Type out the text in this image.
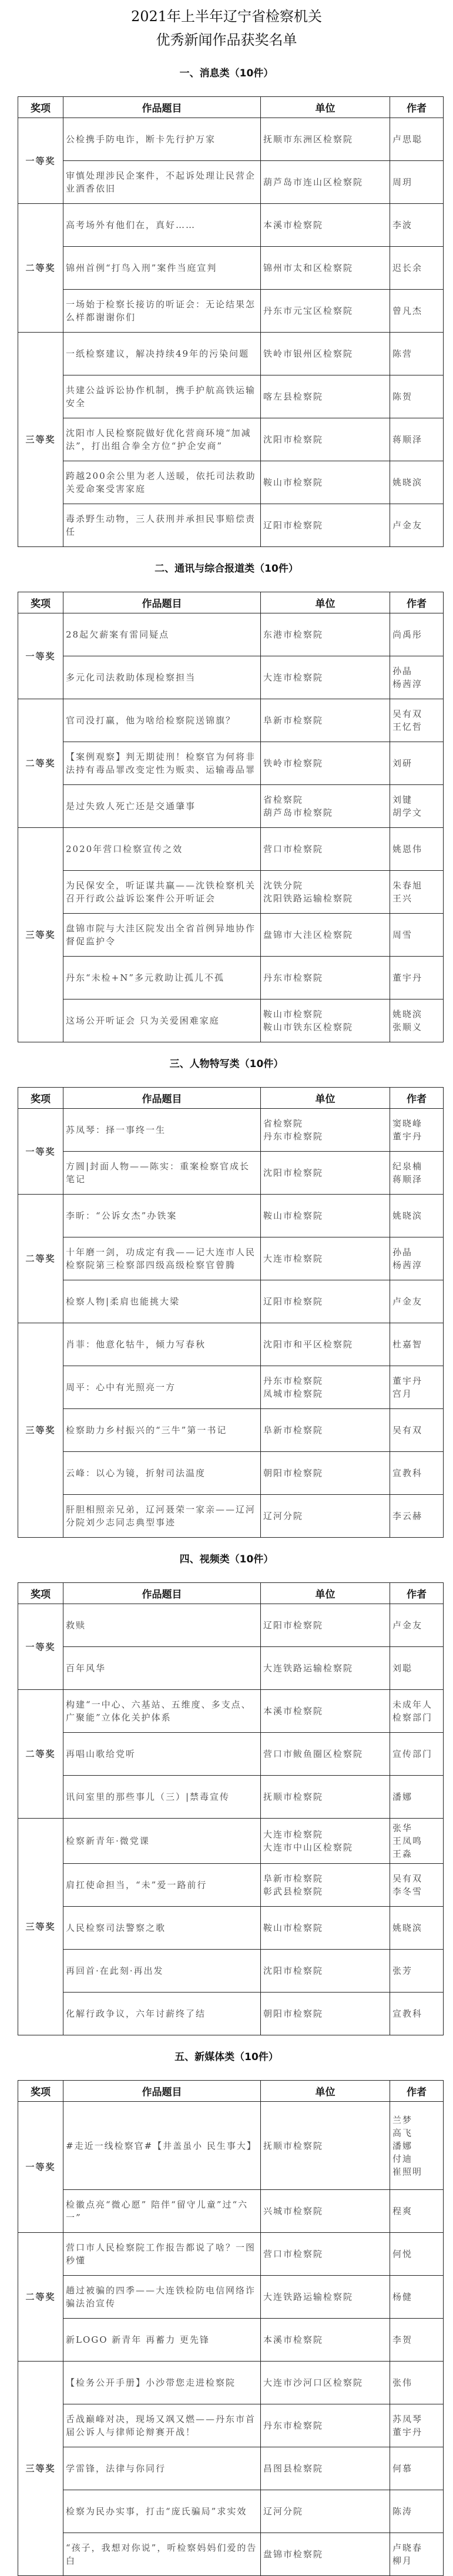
2021年上半年辽宁省检察机关
优秀新闻作品获奖名单
一、消息类（10件）
奖项	作品题目	单位	作者
一等奖	公检携手防电诈，断卡先行护万家	抚顺市东洲区检察院	卢思聪

	审慎处理涉民企案件，不起诉处理让民营企业酒香依旧	葫芦岛市连山区检察院	周玥

二等奖	高考场外有他们在，真好……	本溪市检察院	李波

	锦州首例“打鸟入刑”案件当庭宣判	锦州市太和区检察院	迟长余

	一场始于检察长接访的听证会：无论结果怎么样都谢谢你们	丹东市元宝区检察院	曾凡杰

三等奖	一纸检察建议，解决持续49年的污染问题	铁岭市银州区检察院	陈营

	共建公益诉讼协作机制，携手护航高铁运输安全	喀左县检察院	陈贺

	沈阳市人民检察院做好优化营商环境“加减法”，打出组合拳全方位“护企安商”	沈阳市检察院	蒋顺泽

	跨越200余公里为老人送暖，依托司法救助关爱命案受害家庭	鞍山市检察院	姚晓滨

	毒杀野生动物，三人获刑并承担民事赔偿责任	辽阳市检察院	卢金友
二、通讯与综合报道类（10件）
奖项	作品题目	单位	作者
一等奖	28起欠薪案有雷同疑点	东港市检察院	尚禹彤

	多元化司法救助体现检察担当	大连市检察院	孙晶
杨茜淳

二等奖	官司没打赢，他为啥给检察院送锦旗？	阜新市检察院	吴有双
王忆哲

	【案例观察】判无期徒刑！检察官为何将非法持有毒品罪改变定性为贩卖、运输毒品罪	铁岭市检察院	刘研

	是过失致人死亡还是交通肇事	省检察院
葫芦岛市检察院	刘键
胡学文

三等奖	2020年营口检察宣传之效	营口市检察院	姚恩伟

	为民保安全，听证谋共赢——沈铁检察机关召开行政公益诉讼案件公开听证会	沈铁分院
沈阳铁路运输检察院	朱春旭
王兴

	盘锦市院与大洼区院发出全省首例异地协作督促监护令	盘锦市大洼区检察院	周雪

	丹东“未检+N”多元救助让孤儿不孤	丹东市检察院	董宇丹

	这场公开听证会 只为关爱困难家庭	鞍山市检察院
鞍山市铁东区检察院	姚晓滨
张顺义
三、人物特写类（10件）
奖项	作品题目	单位	作者
一等奖	苏凤琴：择一事终一生	省检察院
丹东市检察院	窦晓峰
董宇丹

	方圆|封面人物——陈实：重案检察官成长笔记	沈阳市检察院	纪泉楠
蒋顺泽

二等奖	李昕：“公诉女杰”办铁案	鞍山市检察院	姚晓滨

	十年磨一剑，功成定有我——记大连市人民检察院第三检察部四级高级检察官曾腾	大连市检察院	孙晶
杨茜淳

	检察人物|柔肩也能挑大梁	辽阳市检察院	卢金友

三等奖	肖菲：他意化牯牛，倾力写春秋	沈阳市和平区检察院	杜嘉智

	周平：心中有光照亮一方	丹东市检察院
凤城市检察院	董宇丹
宫月

	检察助力乡村振兴的“三牛”第一书记	阜新市检察院	吴有双

	云峰：以心为镜，折射司法温度	朝阳市检察院	宣教科

	肝胆相照亲兄弟，辽河聂荣一家亲——辽河分院刘少志同志典型事迹	辽河分院	李云赫
四、视频类（10件）
奖项	作品题目	单位	作者
一等奖	救赎	辽阳市检察院	卢金友

	百年风华	大连铁路运输检察院	刘聪

二等奖	构建“一中心、六基站、五维度、多支点、广聚能”立体化关护体系	本溪市检察院	未成年人
检察部门

	再唱山歌给党听	营口市鲅鱼圈区检察院	宣传部门

	讯问室里的那些事儿（三）|禁毒宣传	抚顺市检察院	潘娜

三等奖	检察新青年·微党课	大连市检察院
大连市中山区检察院	张华
王凤鸣
王淼

	肩扛使命担当，“未”爱一路前行	阜新市检察院
彰武县检察院	吴有双
李冬雪

	人民检察司法警察之歌	鞍山市检察院	姚晓滨

	再回首·在此刻·再出发	沈阳市检察院	张芳

	化解行政争议，六年讨薪终了结	朝阳市检察院	宣教科
五、新媒体类（10件）
奖项	作品题目	单位	作者
一等奖	#走近一线检察官#【井盖虽小 民生事大】	抚顺市检察院	兰梦
高飞
潘娜
付迪
崔照明

	检徽点亮“微心愿” 陪伴“留守儿童”过“六一”	兴城市检察院	程爽

二等奖	营口市人民检察院工作报告都说了啥？一图秒懂	营口市检察院	何悦

	趟过被骗的四季——大连铁检防电信网络诈骗法治宣传	大连铁路运输检察院	杨健

	新LOGO 新青年 再蓄力 更先锋	本溪市检察院	李贺

三等奖	【检务公开手册】小沙带您走进检察院	大连市沙河口区检察院	张伟

	舌战巅峰对决，现场又飒又燃——丹东市首届公诉人与律师论辩赛开战！	丹东市检察院	苏凤琴
董宇丹

	学雷锋，法律与你同行	昌图县检察院	何慕

	检察为民办实事，打击“庞氏骗局”求实效	辽河分院	陈涛

	“孩子，我想对你说”，听检察妈妈们爱的告白	盘锦市检察院	卢晓春
柳月
